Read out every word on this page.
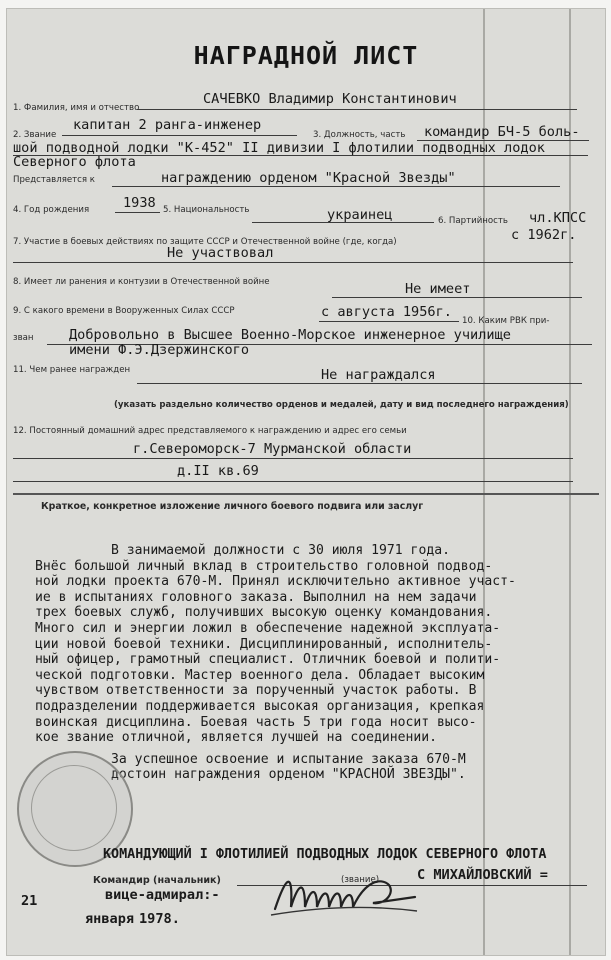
НАГРАДНОЙ ЛИСТ
1. Фамилия, имя и отчество
САЧЕВКО Владимир Константинович
2. Звание
капитан 2 ранга-инженер
3. Должность, часть командир БЧ-5 боль-
шой подводной лодки "К-452" II дивизии I флотилии подводных лодок
Северного флота
Представляется к	награждению орденом "Красной Звезды"
4. Год рождения 1938 5. Национальность	украинец	6. Партийность чл.КПСС
с 1962г.
7. Участие в боевых действиях по защите СССР и Отечественной войне (где, когда)
Не участвовал
8. Имеет ли ранения и контузии в Отечественной войне	Не имеет
9. С какого времени в Вооруженных Силах СССР	с августа 1956г.
10. Каким РВК при-
зван	Добровольно в Высшее Военно-Морское инженерное училище
имени Ф.Э.Дзержинского
11. Чем ранее награжден	Не награждался
(указать раздельно количество орденов и медалей, дату и вид последнего награждения)
12. Постоянный домашний адрес представляемого к награждению и адрес его семьи
г.Североморск-7 Мурманской области
д.II кв.69
Краткое, конкретное изложение личного боевого подвига или заслуг

В занимаемой должности с 30 июля 1971 года.

Внёс большой личный вклад в строительство головной подвод-

ной лодки проекта 670-М. Принял исключительно активное участ-

ие в испытаниях головного заказа. Выполнил на нем задачи

трех боевых служб, получивших высокую оценку командования.

Много сил и энергии ложил в обеспечение надежной эксплуата-

ции новой боевой техники. Дисциплинированный, исполнитель-

ный офицер, грамотный специалист. Отличник боевой и полити-

ческой подготовки. Мастер военного дела. Обладает высоким

чувством ответственности за порученный участок работы. В

подразделении поддерживается высокая организация, крепкая

воинская дисциплина. Боевая часть 5 три года носит высо-

кое звание отличной, является лучшей на соединении.

За успешное освоение и испытание заказа 670-М

достоин награждения орденом "КРАСНОЙ ЗВЕЗДЫ".

КОМАНДУЮЩИЙ I ФЛОТИЛИЕЙ ПОДВОДНЫХ ЛОДОК СЕВЕРНОГО ФЛОТА
Командир (начальник)	(звание)
вице-адмирал:-
С МИХАЙЛОВСКИЙ =
21
января 1978.
